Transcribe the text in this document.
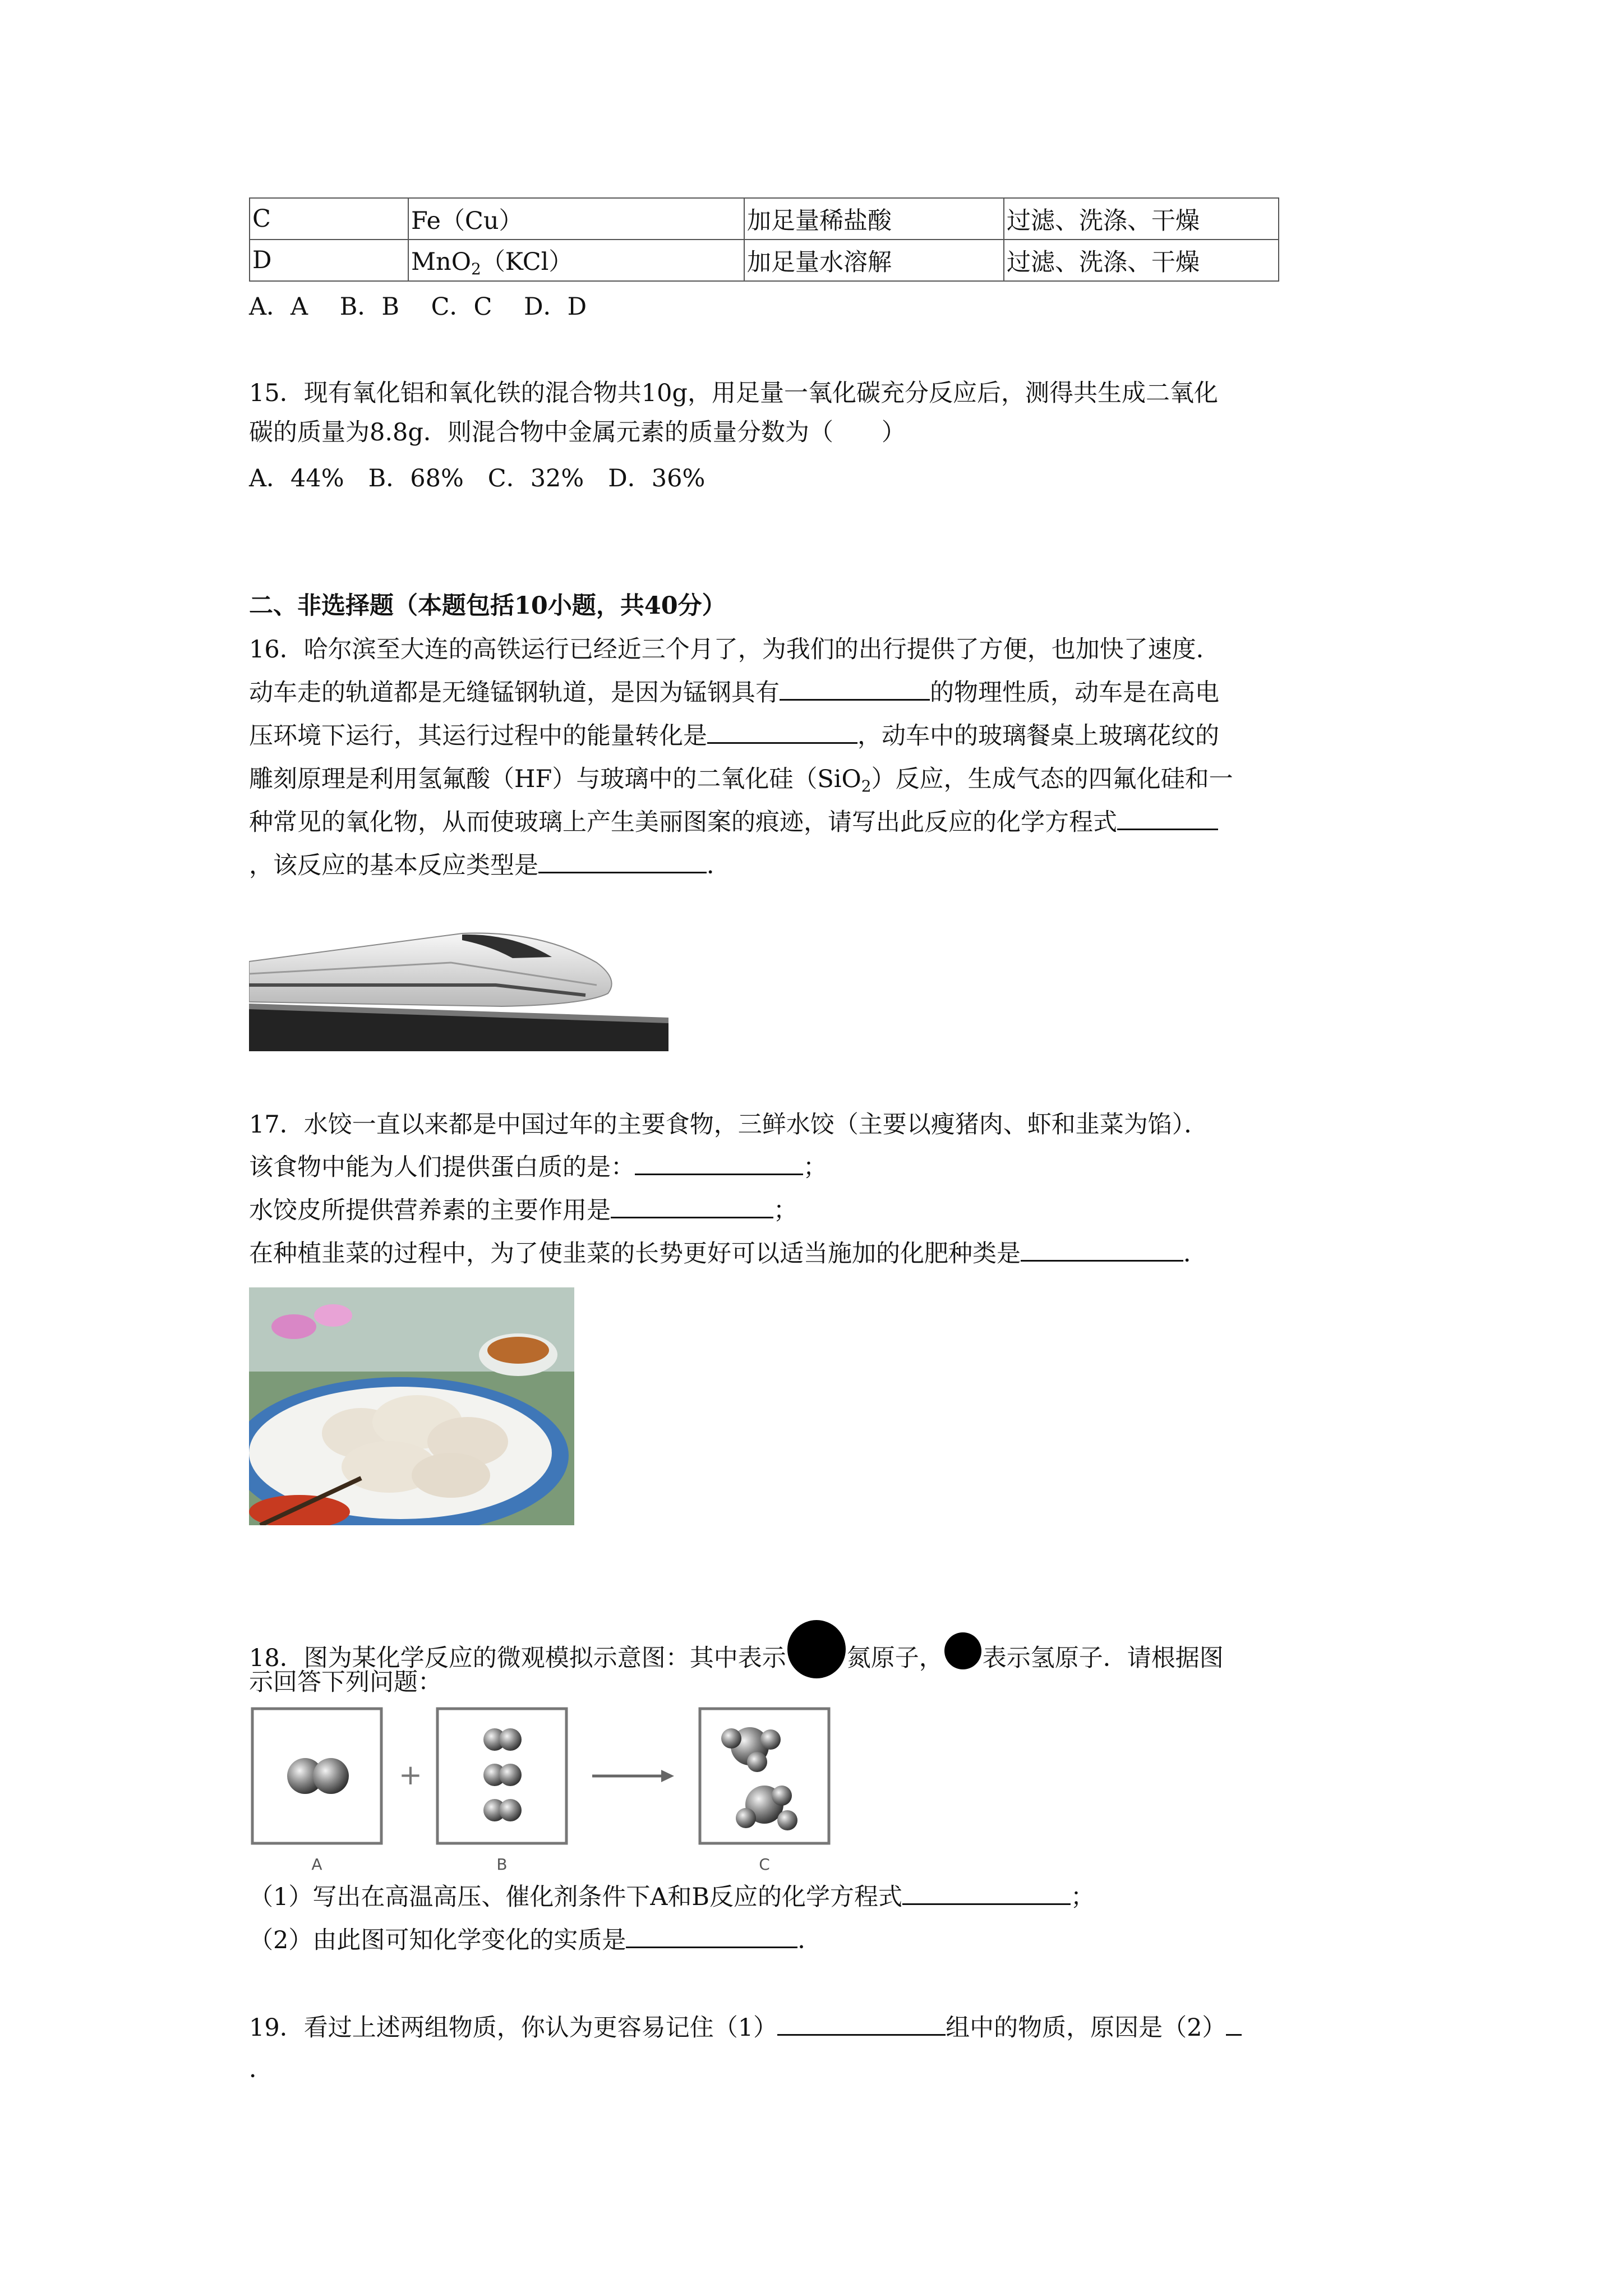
C	Fe（Cu）	加足量稀盐酸	过滤、洗涤、干燥
D	MnO$_2$（KCl）	加足量水溶解	过滤、洗涤、干燥
A．A　 B．B　 C．C　 D．D
15．现有氧化铝和氧化铁的混合物共10g，用足量一氧化碳充分反应后，测得共生成二氧化
碳的质量为8.8g．则混合物中金属元素的质量分数为（　　）
A．44%　B．68%　C．32%　D．36%
二、非选择题（本题包括10小题，共40分）
16．哈尔滨至大连的高铁运行已经近三个月了，为我们的出行提供了方便，也加快了速度．
动车走的轨道都是无缝锰钢轨道，是因为锰钢具有	的物理性质，动车是在高电
压环境下运行，其运行过程中的能量转化是	，动车中的玻璃餐桌上玻璃花纹的
雕刻原理是利用氢氟酸（HF）与玻璃中的二氧化硅（SiO$_2$）反应，生成气态的四氟化硅和一
种常见的氧化物，从而使玻璃上产生美丽图案的痕迹，请写出此反应的化学方程式
，该反应的基本反应类型是	．
17．水饺一直以来都是中国过年的主要食物，三鲜水饺（主要以瘦猪肉、虾和韭菜为馅）．
该食物中能为人们提供蛋白质的是：	；
水饺皮所提供营养素的主要作用是	；
在种植韭菜的过程中，为了使韭菜的长势更好可以适当施加的化肥种类是	．
18．图为某化学反应的微观模拟示意图：其中表示	氮原子， 表示氢原子．请根据图
示回答下列问题：
+
A	B	C
（1）写出在高温高压、催化剂条件下A和B反应的化学方程式	；
（2）由此图可知化学变化的实质是	．
19．看过上述两组物质，你认为更容易记住（1）	组中的物质，原因是（2）
．
